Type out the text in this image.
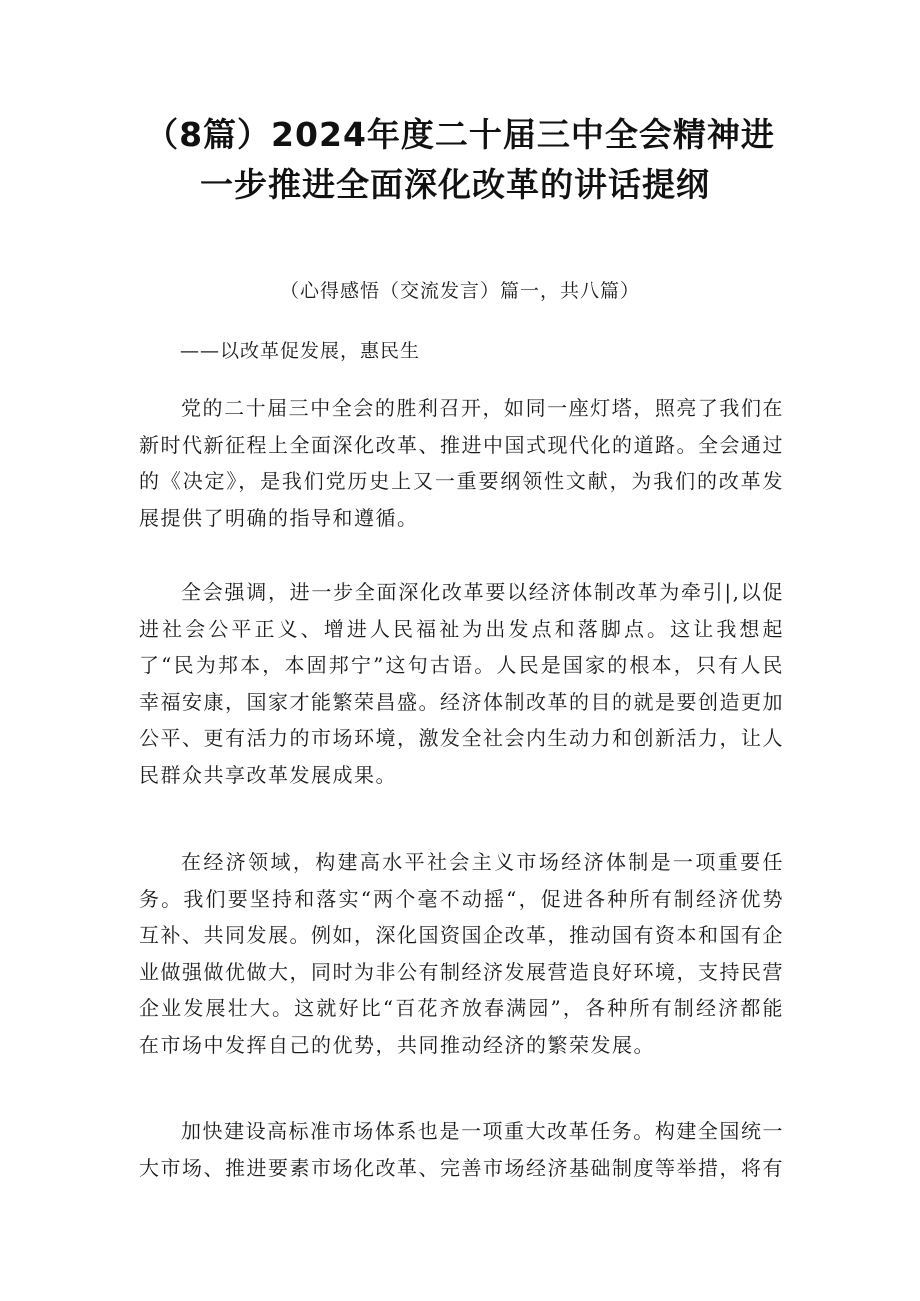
（8篇）2024年度二十届三中全会精神进
一步推进全面深化改革的讲话提纲
（心得感悟（交流发言）篇一，共八篇）
——以改革促发展，惠民生

党的二十届三中全会的胜利召开，如同一座灯塔，照亮了我们在新时代新征程上全面深化改革、推进中国式现代化的道路。全会通过的《决定》，是我们党历史上又一重要纲领性文献，为我们的改革发展提供了明确的指导和遵循。

全会强调，进一步全面深化改革要以经济体制改革为牵引|,以促进社会公平正义、增进人民福祉为出发点和落脚点。这让我想起了“民为邦本，本固邦宁”这句古语。人民是国家的根本，只有人民幸福安康，国家才能繁荣昌盛。经济体制改革的目的就是要创造更加公平、更有活力的市场环境，激发全社会内生动力和创新活力，让人民群众共享改革发展成果。

在经济领域，构建高水平社会主义市场经济体制是一项重要任务。我们要坚持和落实“两个毫不动摇“，促进各种所有制经济优势互补、共同发展。例如，深化国资国企改革，推动国有资本和国有企业做强做优做大，同时为非公有制经济发展营造良好环境，支持民营企业发展壮大。这就好比“百花齐放春满园”，各种所有制经济都能在市场中发挥自己的优势，共同推动经济的繁荣发展。

加快建设高标准市场体系也是一项重大改革任务。构建全国统一大市场、推进要素市场化改革、完善市场经济基础制度等举措，将有
